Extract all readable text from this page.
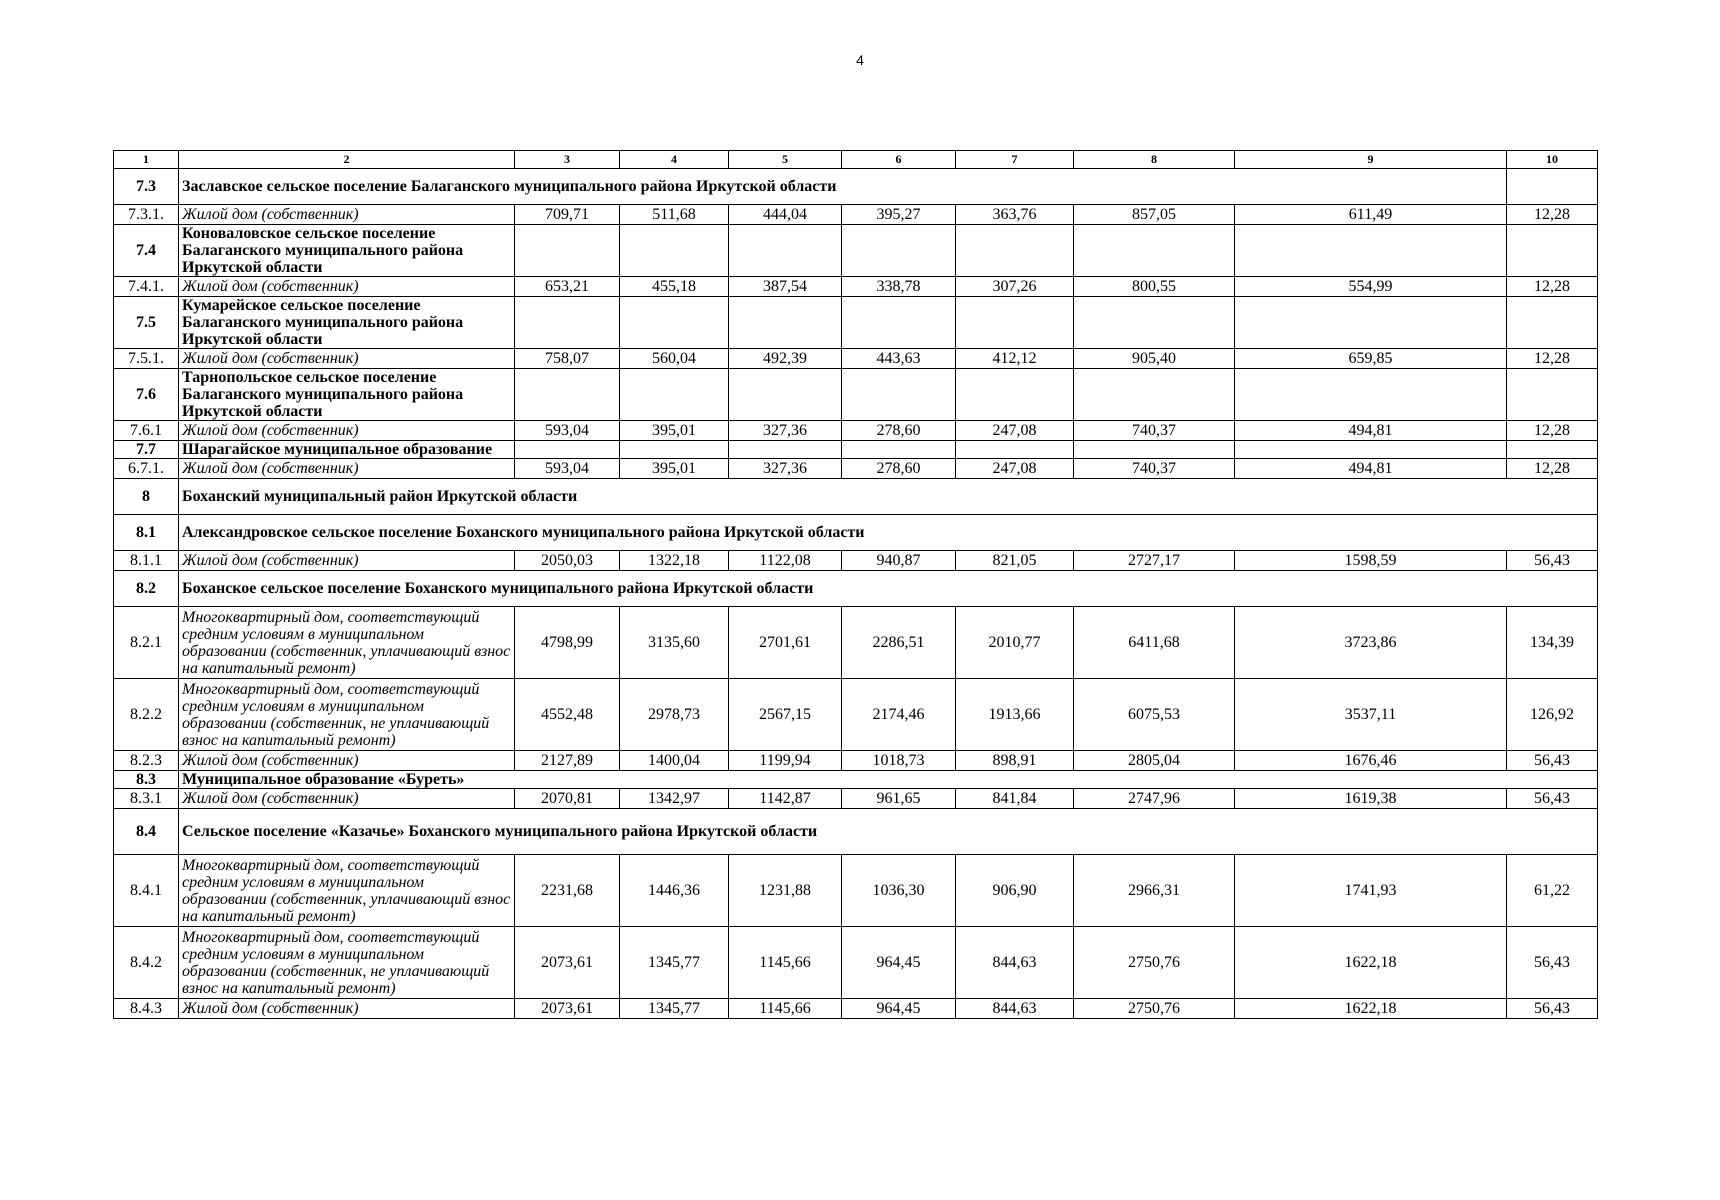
4
1	2	3	4	5	6	7	8	9	10
7.3	Заславское сельское поселение Балаганского муниципального района Иркутской области								
7.3.1.	Жилой дом (собственник)	709,71	511,68	444,04	395,27	363,76	857,05	611,49	12,28
7.4	Коноваловское сельское поселение Балаганского муниципального района Иркутской области								
7.4.1.	Жилой дом (собственник)	653,21	455,18	387,54	338,78	307,26	800,55	554,99	12,28
7.5	Кумарейское сельское поселение Балаганского муниципального района Иркутской области								
7.5.1.	Жилой дом (собственник)	758,07	560,04	492,39	443,63	412,12	905,40	659,85	12,28
7.6	Тарнопольское сельское поселение Балаганского муниципального района Иркутской области								
7.6.1	Жилой дом (собственник)	593,04	395,01	327,36	278,60	247,08	740,37	494,81	12,28
7.7	Шарагайское муниципальное образование								
6.7.1.	Жилой дом (собственник)	593,04	395,01	327,36	278,60	247,08	740,37	494,81	12,28
8	Боханский муниципальный район Иркутской области								
8.1	Александровское сельское поселение Боханского муниципального района Иркутской области								
8.1.1	Жилой дом (собственник)	2050,03	1322,18	1122,08	940,87	821,05	2727,17	1598,59	56,43
8.2	Боханское сельское поселение Боханского муниципального района Иркутской области								
8.2.1	Многоквартирный дом, соответствующий средним условиям в муниципальном образовании (собственник, уплачивающий взнос на капитальный ремонт)	4798,99	3135,60	2701,61	2286,51	2010,77	6411,68	3723,86	134,39
8.2.2	Многоквартирный дом, соответствующий средним условиям в муниципальном образовании (собственник, не уплачивающий взнос на капитальный ремонт)	4552,48	2978,73	2567,15	2174,46	1913,66	6075,53	3537,11	126,92
8.2.3	Жилой дом (собственник)	2127,89	1400,04	1199,94	1018,73	898,91	2805,04	1676,46	56,43
8.3	Муниципальное образование «Буреть»								
8.3.1	Жилой дом (собственник)	2070,81	1342,97	1142,87	961,65	841,84	2747,96	1619,38	56,43
8.4	Сельское поселение «Казачье» Боханского муниципального района Иркутской области								
8.4.1	Многоквартирный дом, соответствующий средним условиям в муниципальном образовании (собственник, уплачивающий взнос на капитальный ремонт)	2231,68	1446,36	1231,88	1036,30	906,90	2966,31	1741,93	61,22
8.4.2	Многоквартирный дом, соответствующий средним условиям в муниципальном образовании (собственник, не уплачивающий взнос на капитальный ремонт)	2073,61	1345,77	1145,66	964,45	844,63	2750,76	1622,18	56,43
8.4.3	Жилой дом (собственник)	2073,61	1345,77	1145,66	964,45	844,63	2750,76	1622,18	56,43
